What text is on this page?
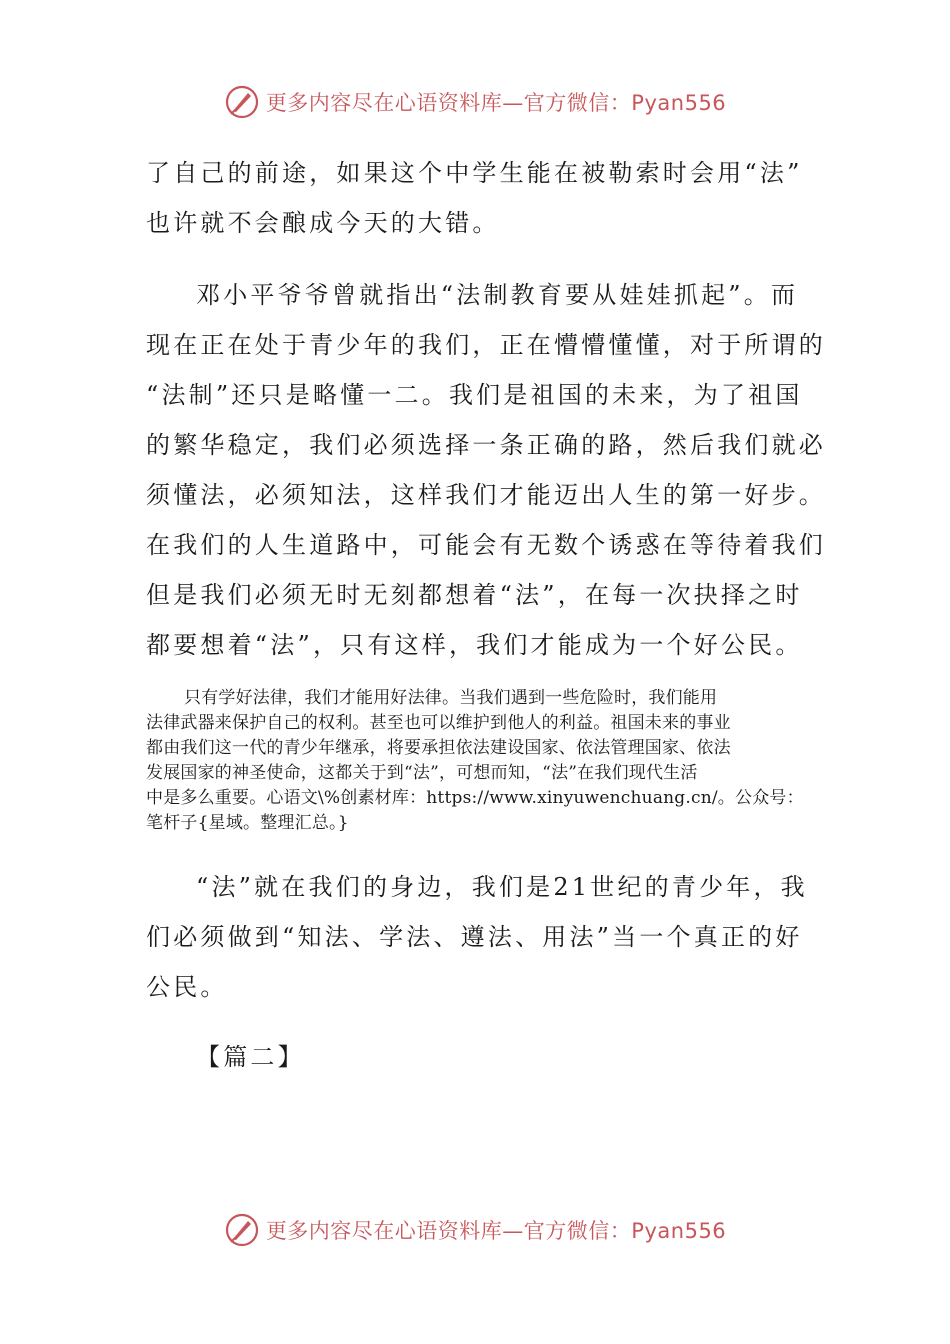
更多内容尽在心语资料库—官方微信：Pyan556
了自己的前途，如果这个中学生能在被勒索时会用“法”
也许就不会酿成今天的大错。
邓小平爷爷曾就指出“法制教育要从娃娃抓起”。而
现在正在处于青少年的我们，正在懵懵懂懂，对于所谓的
“法制”还只是略懂一二。我们是祖国的未来，为了祖国
的繁华稳定，我们必须选择一条正确的路，然后我们就必
须懂法，必须知法，这样我们才能迈出人生的第一好步。
在我们的人生道路中，可能会有无数个诱惑在等待着我们
但是我们必须无时无刻都想着“法”，在每一次抉择之时
都要想着“法”，只有这样，我们才能成为一个好公民。
只有学好法律，我们才能用好法律。当我们遇到一些危险时，我们能用
法律武器来保护自己的权利。甚至也可以维护到他人的利益。祖国未来的事业
都由我们这一代的青少年继承，将要承担依法建设国家、依法管理国家、依法
发展国家的神圣使命，这都关于到“法”，可想而知，“法”在我们现代生活
中是多么重要。心语文\%创素材库：https://www.xinyuwenchuang.cn/。公众号：
笔杆子{星域。整理汇总。}
“法”就在我们的身边，我们是21世纪的青少年，我
们必须做到“知法、学法、遵法、用法”当一个真正的好
公民。
【篇二】
更多内容尽在心语资料库—官方微信：Pyan556
